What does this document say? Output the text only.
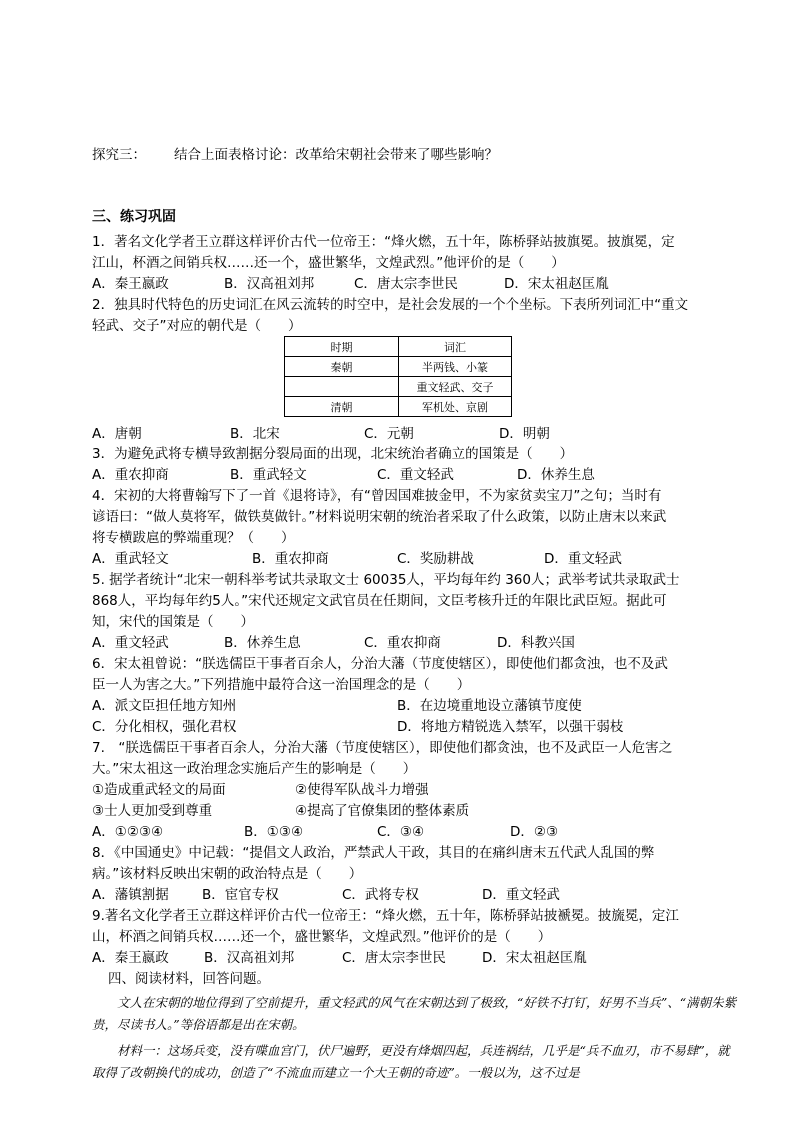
探究三： 结合上面表格讨论：改革给宋朝社会带来了哪些影响？
三、练习巩固
1．著名文化学者王立群这样评价古代一位帝王：“烽火燃，五十年，陈桥驿站披旗冕。披旗冕，定
江山，杯酒之间销兵权……还一个，盛世繁华，文煌武烈。”他评价的是（　　）
A．秦王嬴政	B．汉高祖刘邦	C．唐太宗李世民	D．宋太祖赵匡胤
2．独具时代特色的历史词汇在风云流转的时空中，是社会发展的一个个坐标。下表所列词汇中“重文
轻武、交子”对应的朝代是（　　）
时期	词汇
秦朝	半两钱、小篆
	重文轻武、交子
清朝	军机处、京剧
A．唐朝	B．北宋	C．元朝	D．明朝
3．为避免武将专横导致割据分裂局面的出现，北宋统治者确立的国策是（　　）
A．重农抑商	B．重武轻文	C．重文轻武	D．休养生息
4．宋初的大将曹翰写下了一首《退将诗》，有“曾因国难披金甲，不为家贫卖宝刀”之句；当时有
谚语曰：“做人莫将军，做铁莫做针。”材料说明宋朝的统治者采取了什么政策，以防止唐末以来武
将专横跋扈的弊端重现？（　　）
A．重武轻文	B．重农抑商	C．奖励耕战	D．重文轻武
5. 据学者统计“北宋一朝科举考试共录取文士 60035人，平均每年约 360人；武举考试共录取武士
868人，平均每年约5人。”宋代还规定文武官员在任期间，文臣考核升迁的年限比武臣短。据此可
知，宋代的国策是（　　）
A．重文轻武	B．休养生息	C．重农抑商	D．科教兴国
6．宋太祖曾说：“朕选儒臣干事者百余人，分治大藩（节度使辖区），即使他们都贪浊，也不及武
臣一人为害之大。”下列措施中最符合这一治国理念的是（　　）
A．派文臣担任地方知州	B．在边境重地设立藩镇节度使
C．分化相权，强化君权	D．将地方精锐选入禁军，以强干弱枝
7.　“朕选儒臣干事者百余人，分治大藩（节度使辖区），即使他们都贪浊，也不及武臣一人危害之
大。”宋太祖这一政治理念实施后产生的影响是（　　）
①造成重武轻文的局面	②使得军队战斗力增强
③士人更加受到尊重	④提高了官僚集团的整体素质
A．①②③④	B．①③④	C．③④	D．②③
8．《中国通史》中记载：“提倡文人政治，严禁武人干政，其目的在痛纠唐末五代武人乱国的弊
病。”该材料反映出宋朝的政治特点是（　　）
A．藩镇割据 B．宦官专权	C．武将专权	D．重文轻武
9.著名文化学者王立群这样评价古代一位帝王：“烽火燃，五十年，陈桥驿站披褫冕。披旒冕，定江
山，杯酒之间销兵权……还一个，盛世繁华，文煌武烈。”他评价的是（　　）
A．秦王嬴政	B．汉高祖刘邦	C．唐太宗李世民	D．宋太祖赵匡胤
四、阅读材料，回答问题。
　　文人在宋朝的地位得到了空前提升，重文轻武的风气在宋朝达到了极致，“好铁不打钉，好男不当兵”、“满朝朱紫贵，尽读书人。”等俗语都是出在宋朝。
　　材料一：这场兵变，没有喋血宫门，伏尸遍野，更没有烽烟四起，兵连祸结，几乎是“兵不血刃，市不易肆”，就取得了改朝换代的成功，创造了“不流血而建立一个大王朝的奇迹”。一般以为，这不过是
